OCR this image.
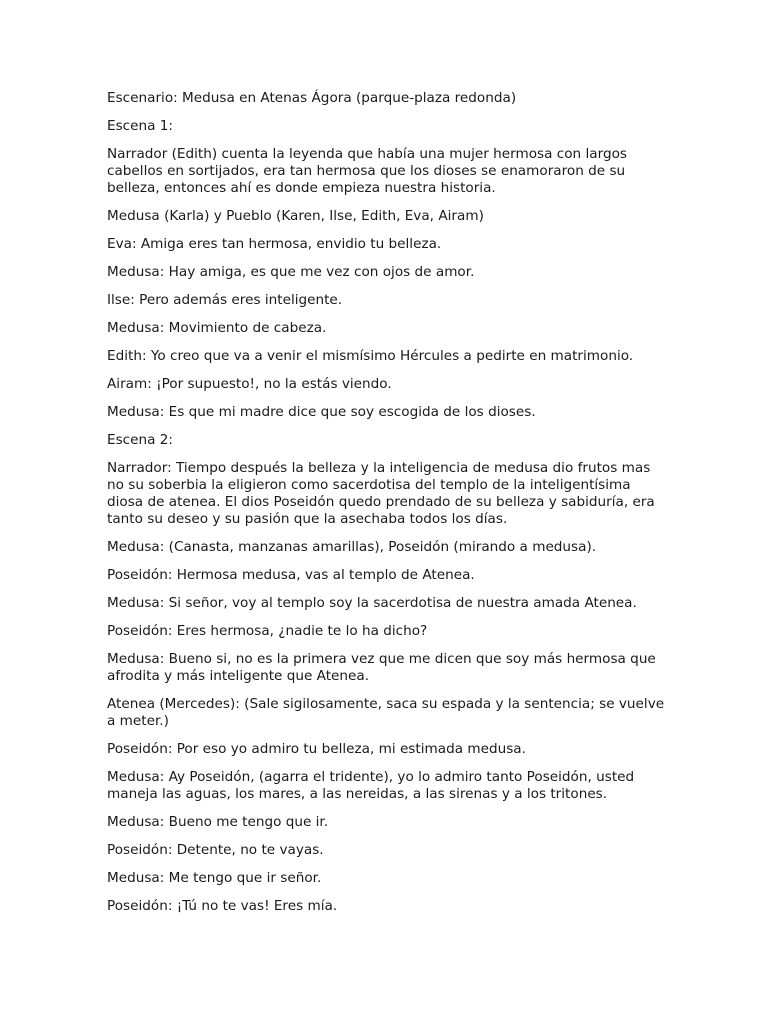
Escenario: Medusa en Atenas Ágora (parque-plaza redonda)

Escena 1:

Narrador (Edith) cuenta la leyenda que había una mujer hermosa con largos cabellos en sortijados, era tan hermosa que los dioses se enamoraron de su belleza, entonces ahí es donde empieza nuestra historia.

Medusa (Karla) y Pueblo (Karen, Ilse, Edith, Eva, Airam)

Eva: Amiga eres tan hermosa, envidio tu belleza.

Medusa: Hay amiga, es que me vez con ojos de amor.

Ilse: Pero además eres inteligente.

Medusa: Movimiento de cabeza.

Edith: Yo creo que va a venir el mismísimo Hércules a pedirte en matrimonio.

Airam: ¡Por supuesto!, no la estás viendo.

Medusa: Es que mi madre dice que soy escogida de los dioses.

Escena 2:

Narrador: Tiempo después la belleza y la inteligencia de medusa dio frutos mas no su soberbia la eligieron como sacerdotisa del templo de la inteligentísima diosa de atenea. El dios Poseidón quedo prendado de su belleza y sabiduría, era tanto su deseo y su pasión que la asechaba todos los días.

Medusa: (Canasta, manzanas amarillas), Poseidón (mirando a medusa).

Poseidón: Hermosa medusa, vas al templo de Atenea.

Medusa: Si señor, voy al templo soy la sacerdotisa de nuestra amada Atenea.

Poseidón: Eres hermosa, ¿nadie te lo ha dicho?

Medusa: Bueno si, no es la primera vez que me dicen que soy más hermosa que afrodita y más inteligente que Atenea.

Atenea (Mercedes): (Sale sigilosamente, saca su espada y la sentencia; se vuelve a meter.)

Poseidón: Por eso yo admiro tu belleza, mi estimada medusa.

Medusa: Ay Poseidón, (agarra el tridente), yo lo admiro tanto Poseidón, usted maneja las aguas, los mares, a las nereidas, a las sirenas y a los tritones.

Medusa: Bueno me tengo que ir.

Poseidón: Detente, no te vayas.

Medusa: Me tengo que ir señor.

Poseidón: ¡Tú no te vas! Eres mía.
